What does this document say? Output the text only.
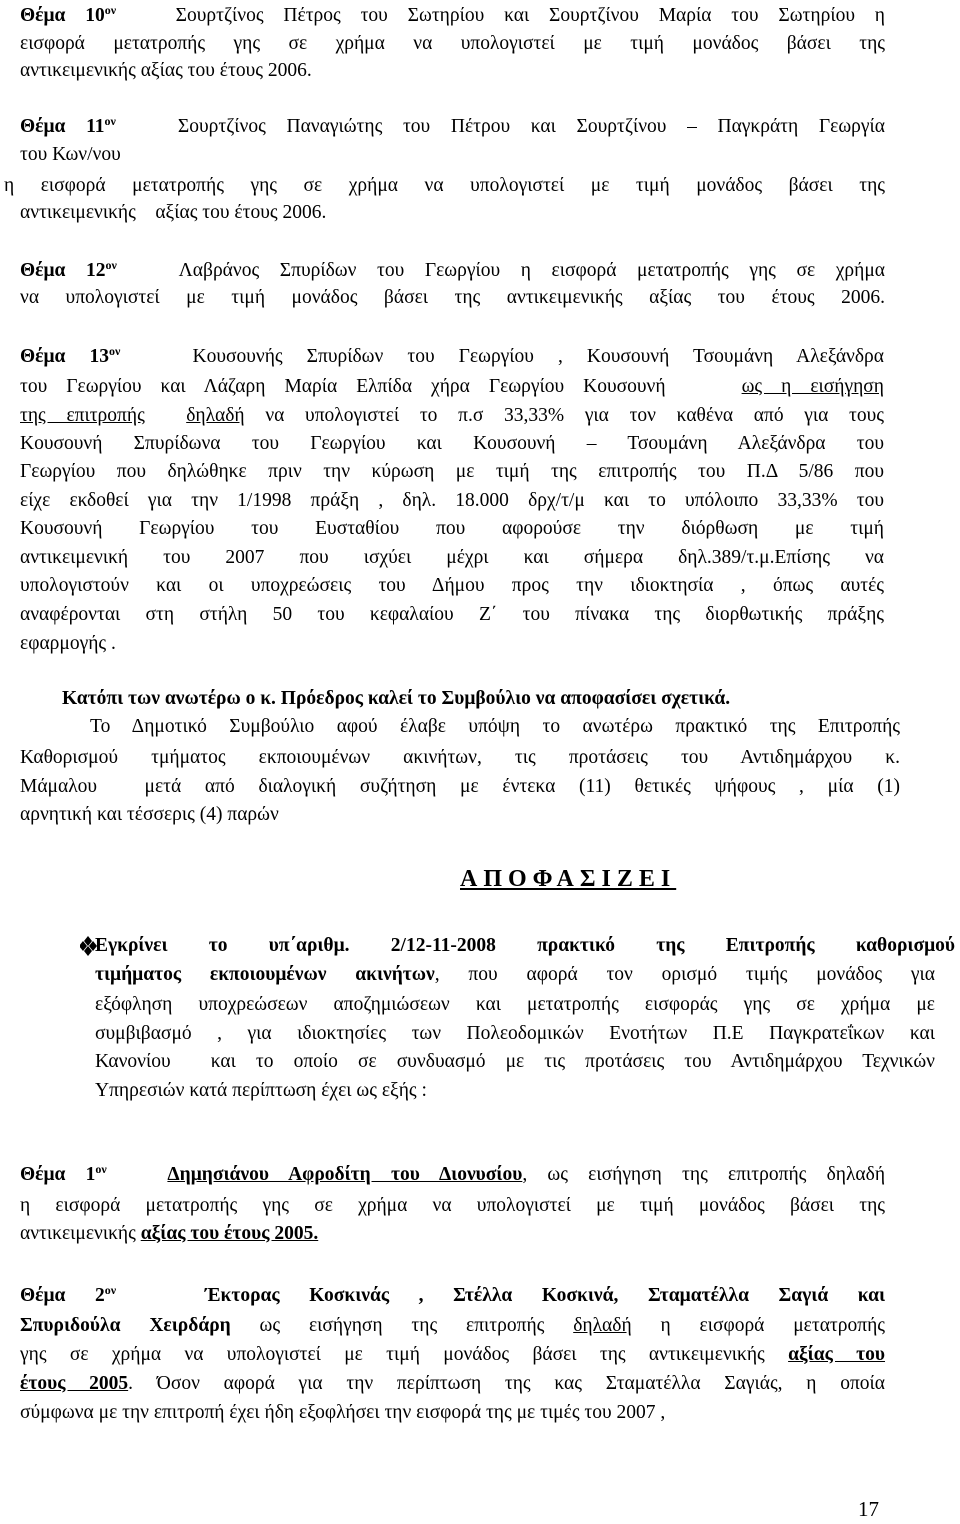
Θέμα $10^{o\nu}$	Σουρτζίνος Πέτρος του Σωτηρίου και Σουρτζίνου Μαρία του Σωτηρίου η
εισφορά μετατροπής γης σε χρήμα να υπολογιστεί με τιμή μονάδος βάσει της
αντικειμενικής αξίας του έτους 2006.
Θέμα $11^{o\nu}$	Σουρτζίνος Παναγιώτης του Πέτρου και Σουρτζίνου – Παγκράτη Γεωργία
του Κων/νου
η εισφορά μετατροπής γης σε χρήμα να υπολογιστεί με τιμή μονάδος βάσει της
αντικειμενικής    αξίας του έτους 2006.
Θέμα $12^{o\nu}$	Λαβράνος Σπυρίδων του Γεωργίου η εισφορά μετατροπής γης σε χρήμα
να υπολογιστεί με τιμή μονάδος βάσει της αντικειμενικής αξίας του έτους 2006.
Θέμα $13^{o\nu}$	Κουσουνής Σπυρίδων του Γεωργίου , Κουσουνή Τσουμάνη Αλεξάνδρα
του Γεωργίου και Λάζαρη Μαρία Ελπίδα χήρα Γεωργίου Κουσουνή	ως η εισήγηση
της επιτροπής δηλαδή να υπολογιστεί το π.σ 33,33% για τον καθένα από για τους
Κουσουνή Σπυρίδωνα του Γεωργίου και Κουσουνή – Τσουμάνη Αλεξάνδρα του
Γεωργίου που δηλώθηκε πριν την κύρωση με τιμή της επιτροπής του Π.Δ 5/86 που
είχε εκδοθεί για την 1/1998 πράξη , δηλ. 18.000 δρχ/τ/μ και το υπόλοιπο 33,33% του
Κουσουνή Γεωργίου του Ευσταθίου που αφορούσε την διόρθωση με τιμή
αντικειμενική του 2007 που ισχύει μέχρι και σήμερα δηλ.389/τ.μ.Επίσης να
υπολογιστούν και οι υποχρεώσεις του Δήμου προς την ιδιοκτησία , όπως αυτές
αναφέρονται στη στήλη 50 του κεφαλαίου Ζ΄ του πίνακα της διορθωτικής πράξης
εφαρμογής .
Κατόπι των ανωτέρω ο κ. Πρόεδρος καλεί το Συμβούλιο να αποφασίσει σχετικά.
Το Δημοτικό Συμβούλιο αφού έλαβε υπόψη το ανωτέρω πρακτικό της Επιτροπής
Καθορισμού τμήματος εκποιουμένων ακινήτων, τις προτάσεις του Αντιδημάρχου κ.
Μάμαλου  μετά από διαλογική συζήτηση με έντεκα (11) θετικές ψήφους , μία (1)
αρνητική και τέσσερις (4) παρών
ΑΠΟΦΑΣΙΖΕΙ
Εγκρίνει το υπ΄αριθμ. 2/12-11-2008 πρακτικό της Επιτροπής καθορισμού
τιμήματος εκποιουμένων ακινήτων, που αφορά τον ορισμό τιμής μονάδος για
εξόφληση υποχρεώσεων αποζημιώσεων και μετατροπής εισφοράς γης σε χρήμα με
συμβιβασμό , για ιδιοκτησίες των Πολεοδομικών Ενοτήτων Π.Ε Παγκρατεΐκων και
Κανονίου  και το οποίο σε συνδυασμό με τις προτάσεις του Αντιδημάρχου Τεχνικών
Υπηρεσιών κατά περίπτωση έχει ως εξής :
Θέμα $1^{o\nu}$	Δημησιάνου Αφροδίτη του Διονυσίου, ως εισήγηση της επιτροπής δηλαδή
η εισφορά μετατροπής γης σε χρήμα να υπολογιστεί με τιμή μονάδος βάσει της
αντικειμενικής αξίας του έτους 2005.
Θέμα $2^{o\nu}$	Έκτορας Κοσκινάς , Στέλλα Κοσκινά, Σταματέλλα Σαγιά και
Σπυριδούλα Χειρδάρη ως εισήγηση της επιτροπής δηλαδή η εισφορά μετατροπής
γης σε χρήμα να υπολογιστεί με τιμή μονάδος βάσει της αντικειμενικής αξίας του
έτους 2005. Όσον αφορά για την περίπτωση της κας Σταματέλλα Σαγιάς, η οποία
σύμφωνα με την επιτροπή έχει ήδη εξοφλήσει την εισφορά της με τιμές του 2007 ,
17
